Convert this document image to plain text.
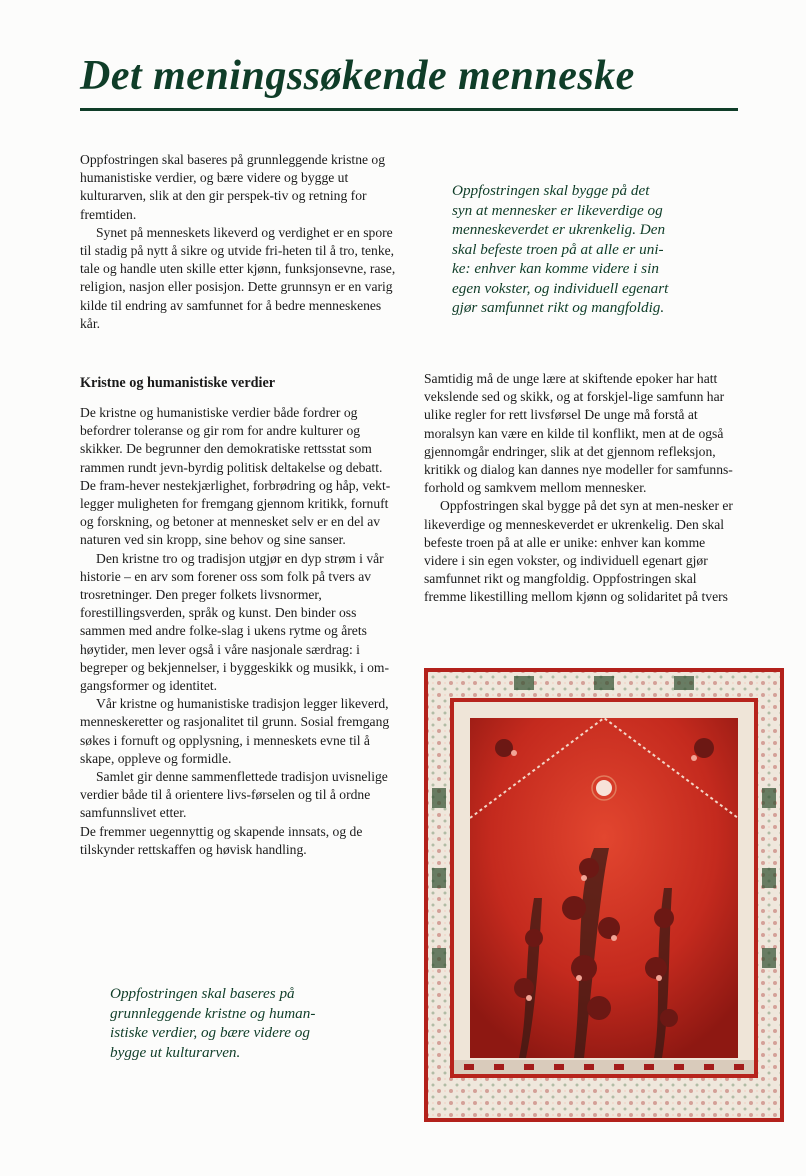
Det meningssøkende menneske

Oppfostringen skal baseres på grunnleggende kristne og humanistiske verdier, og bære videre og bygge ut kulturarven, slik at den gir perspek-tiv og retning for fremtiden.

Synet på menneskets likeverd og verdighet er en spore til stadig på nytt å sikre og utvide fri-heten til å tro, tenke, tale og handle uten skille etter kjønn, funksjonsevne, rase, religion, nasjon eller posisjon. Dette grunnsyn er en varig kilde til endring av samfunnet for å bedre menneskenes kår.

Oppfostringen skal bygge på det
syn at mennesker er likeverdige og
menneskeverdet er ukrenkelig. Den
skal befeste troen på at alle er uni-
ke: enhver kan komme videre i sin
egen vokster, og individuell egenart
gjør samfunnet rikt og mangfoldig.
Kristne og humanistiske verdier

De kristne og humanistiske verdier både fordrer og befordrer toleranse og gir rom for andre kulturer og skikker. De begrunner den demokratiske rettsstat som rammen rundt jevn-byrdig politisk deltakelse og debatt. De fram-hever nestekjærlighet, forbrødring og håp, vekt-legger muligheten for fremgang gjennom kritikk, fornuft og forskning, og betoner at mennesket selv er en del av naturen ved sin kropp, sine behov og sine sanser.

Den kristne tro og tradisjon utgjør en dyp strøm i vår historie – en arv som forener oss som folk på tvers av trosretninger. Den preger folkets livsnormer, forestillingsverden, språk og kunst. Den binder oss sammen med andre folke-slag i ukens rytme og årets høytider, men lever også i våre nasjonale særdrag: i begreper og bekjennelser, i byggeskikk og musikk, i om-gangsformer og identitet.

Vår kristne og humanistiske tradisjon legger likeverd, menneskeretter og rasjonalitet til grunn. Sosial fremgang søkes i fornuft og opplysning, i menneskets evne til å skape, oppleve og formidle.

Samlet gir denne sammenflettede tradisjon uvisnelige verdier både til å orientere livs-førselen og til å ordne samfunnslivet etter.

De fremmer uegennyttig og skapende innsats, og de tilskynder rettskaffen og høvisk handling.

Samtidig må de unge lære at skiftende epoker har hatt vekslende sed og skikk, og at forskjel-lige samfunn har ulike regler for rett livsførsel De unge må forstå at moralsyn kan være en kilde til konflikt, men at de også gjennomgår endringer, slik at det gjennom refleksjon, kritikk og dialog kan dannes nye modeller for samfunns-forhold og samkvem mellom mennesker.

Oppfostringen skal bygge på det syn at men-nesker er likeverdige og menneskeverdet er ukrenkelig. Den skal befeste troen på at alle er unike: enhver kan komme videre i sin egen vokster, og individuell egenart gjør samfunnet rikt og mangfoldig. Oppfostringen skal fremme likestilling mellom kjønn og solidaritet på tvers

Oppfostringen skal baseres på
grunnleggende kristne og human-
istiske verdier, og bære videre og
bygge ut kulturarven.
